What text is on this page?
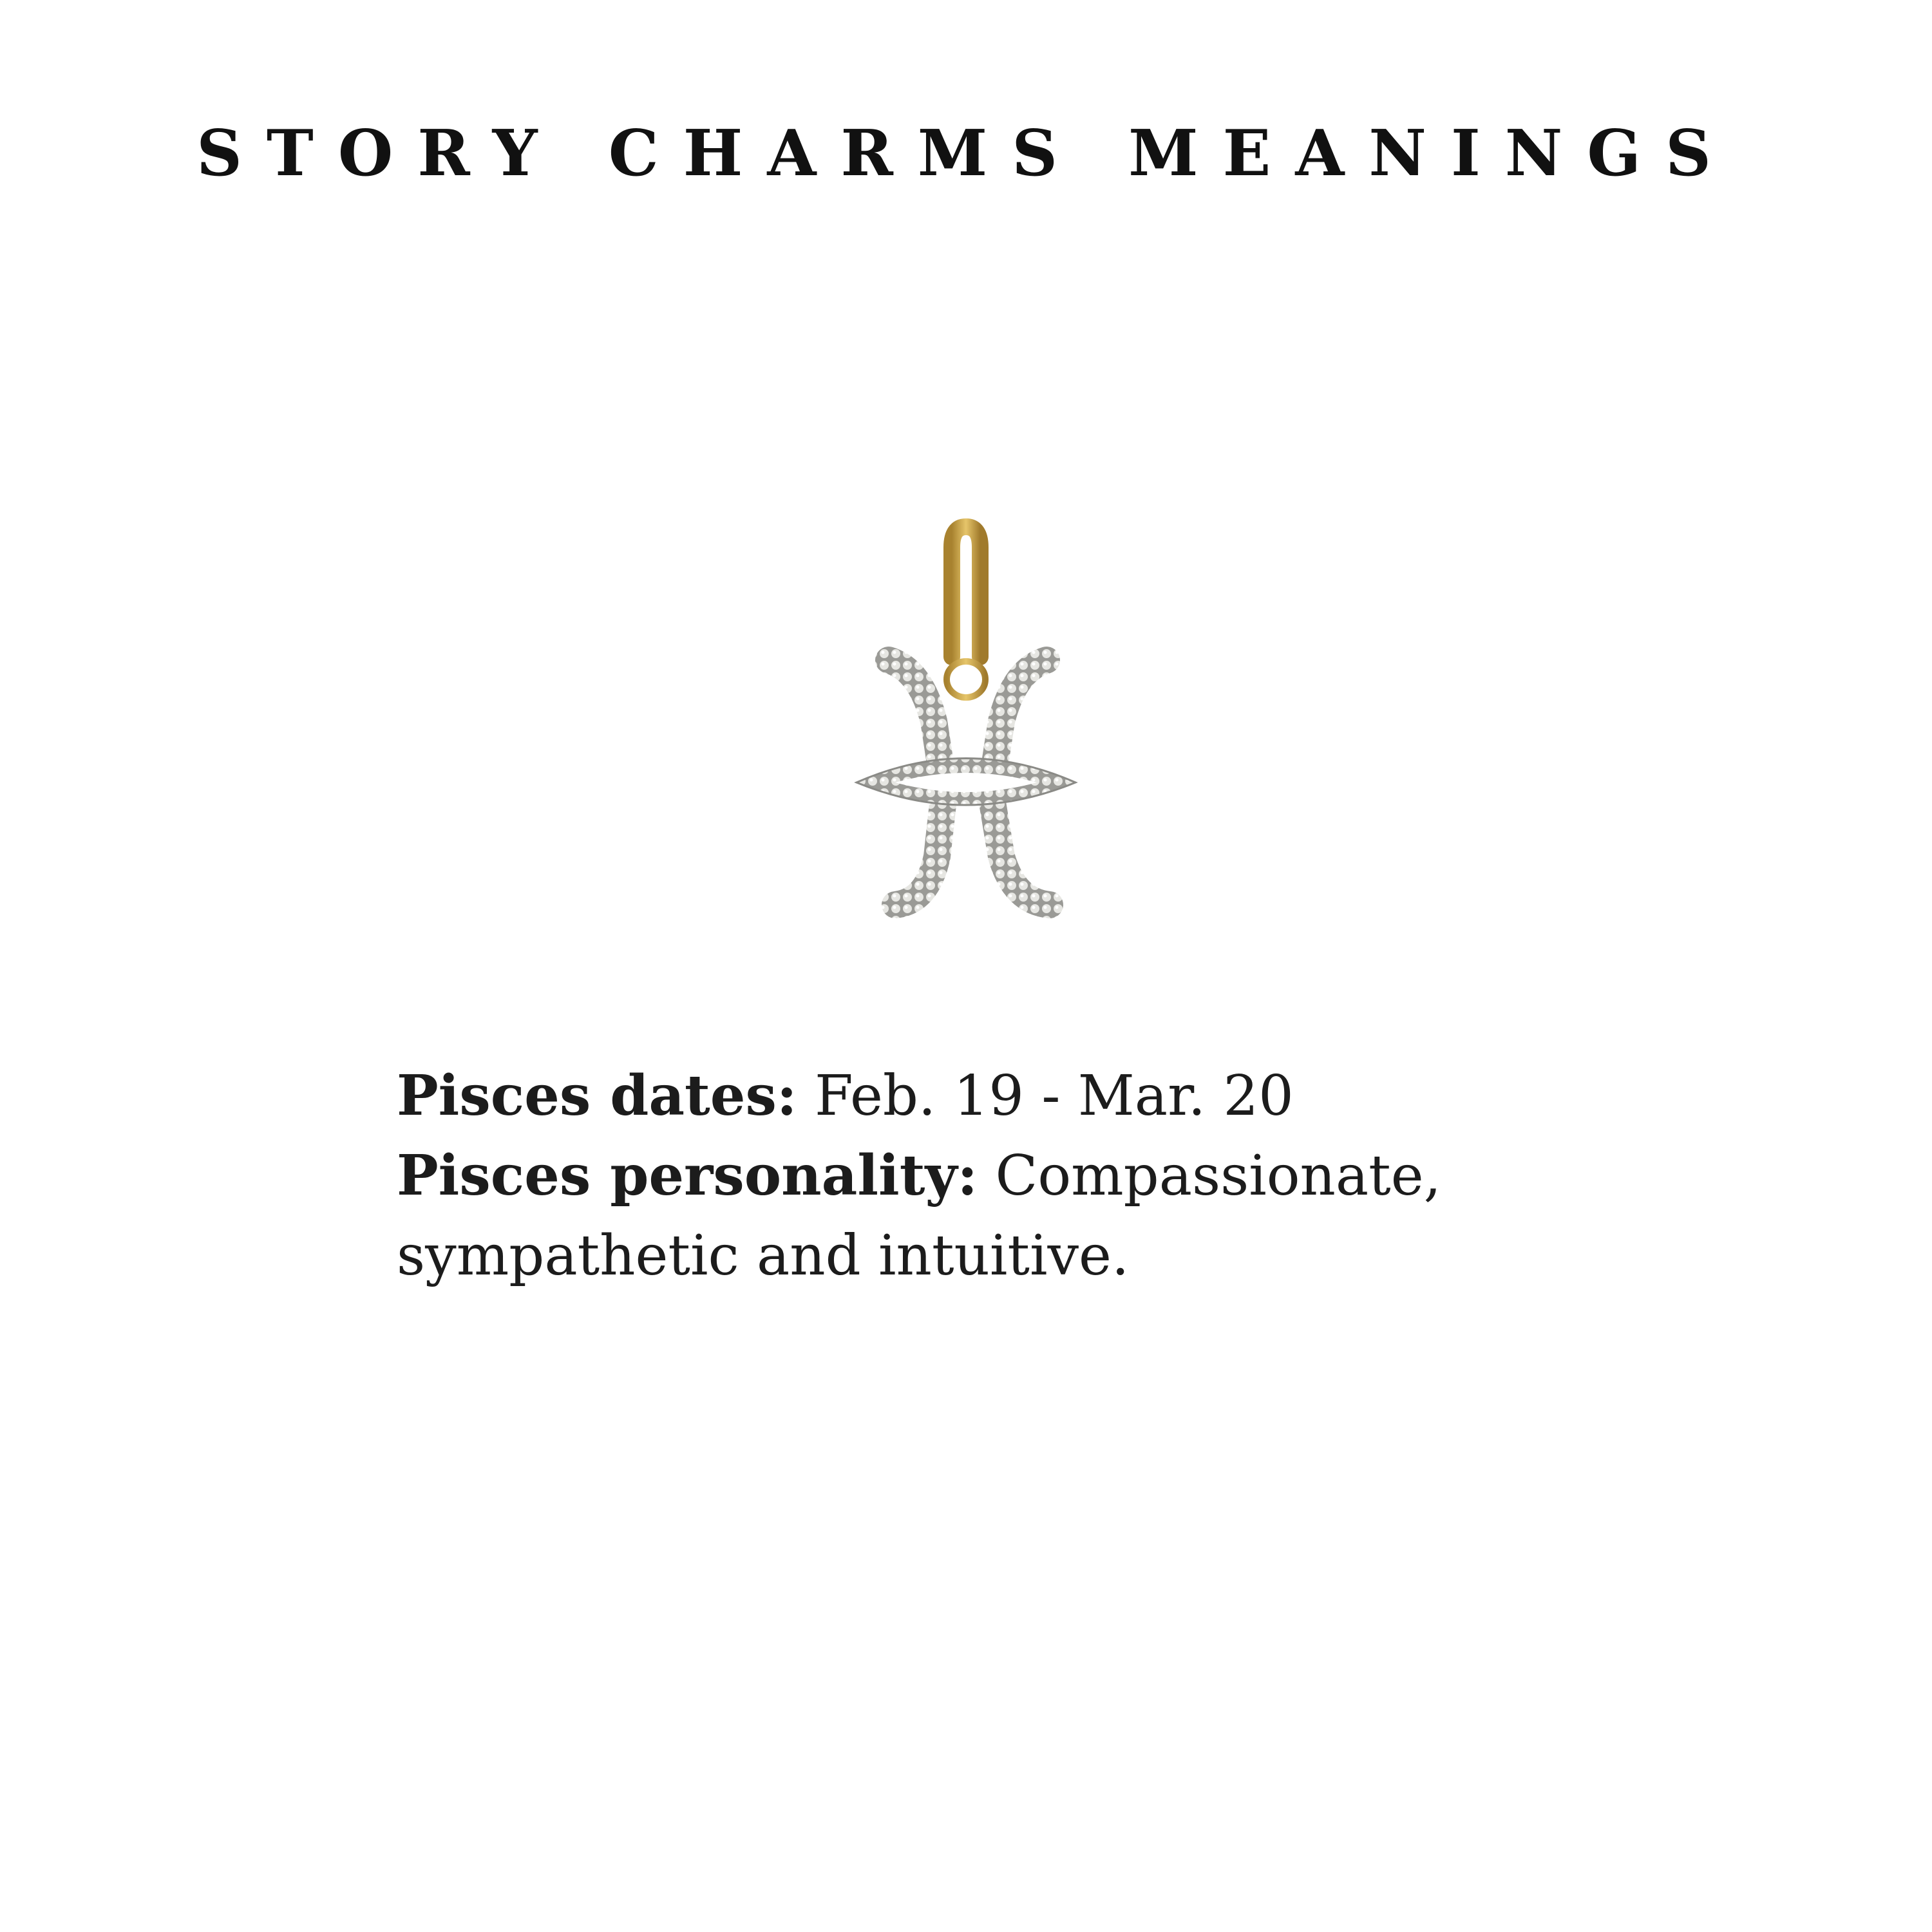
STORY CHARMS MEANINGS
Pisces dates: Feb. 19 - Mar. 20
Pisces personality: Compassionate,
sympathetic and intuitive.
